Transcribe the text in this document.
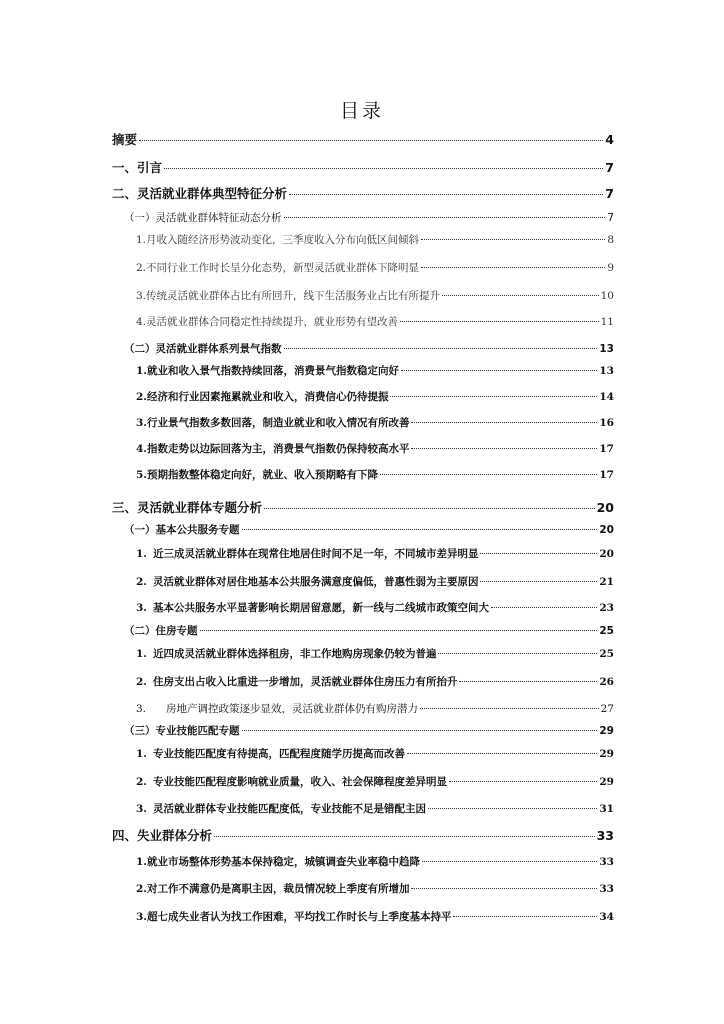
目录
摘要	4
一、引言	7
二、灵活就业群体典型特征分析	7
（一）灵活就业群体特征动态分析	7
1.月收入随经济形势波动变化，三季度收入分布向低区间倾斜	8
2.不同行业工作时长呈分化态势，新型灵活就业群体下降明显	9
3.传统灵活就业群体占比有所回升，线下生活服务业占比有所提升	10
4.灵活就业群体合同稳定性持续提升，就业形势有望改善	11
（二）灵活就业群体系列景气指数	13
1.就业和收入景气指数持续回落，消费景气指数稳定向好	13
2.经济和行业因素拖累就业和收入，消费信心仍待提振	14
3.行业景气指数多数回落，制造业就业和收入情况有所改善	16
4.指数走势以边际回落为主，消费景气指数仍保持较高水平	17
5.预期指数整体稳定向好，就业、收入预期略有下降	17
三、灵活就业群体专题分析	20
（一）基本公共服务专题	20
1. 近三成灵活就业群体在现常住地居住时间不足一年，不同城市差异明显	20
2. 灵活就业群体对居住地基本公共服务满意度偏低，普惠性弱为主要原因	21
3. 基本公共服务水平显著影响长期居留意愿，新一线与二线城市政策空间大	23
（二）住房专题	25
1. 近四成灵活就业群体选择租房，非工作地购房现象仍较为普遍	25
2. 住房支出占收入比重进一步增加，灵活就业群体住房压力有所抬升	26
3. 房地产调控政策逐步显效，灵活就业群体仍有购房潜力	27
（三）专业技能匹配专题	29
1. 专业技能匹配度有待提高，匹配程度随学历提高而改善	29
2. 专业技能匹配程度影响就业质量，收入、社会保障程度差异明显	29
3. 灵活就业群体专业技能匹配度低，专业技能不足是错配主因	31
四、失业群体分析	33
1.就业市场整体形势基本保持稳定，城镇调查失业率稳中趋降	33
2.对工作不满意仍是离职主因，裁员情况较上季度有所增加	33
3.超七成失业者认为找工作困难，平均找工作时长与上季度基本持平	34
